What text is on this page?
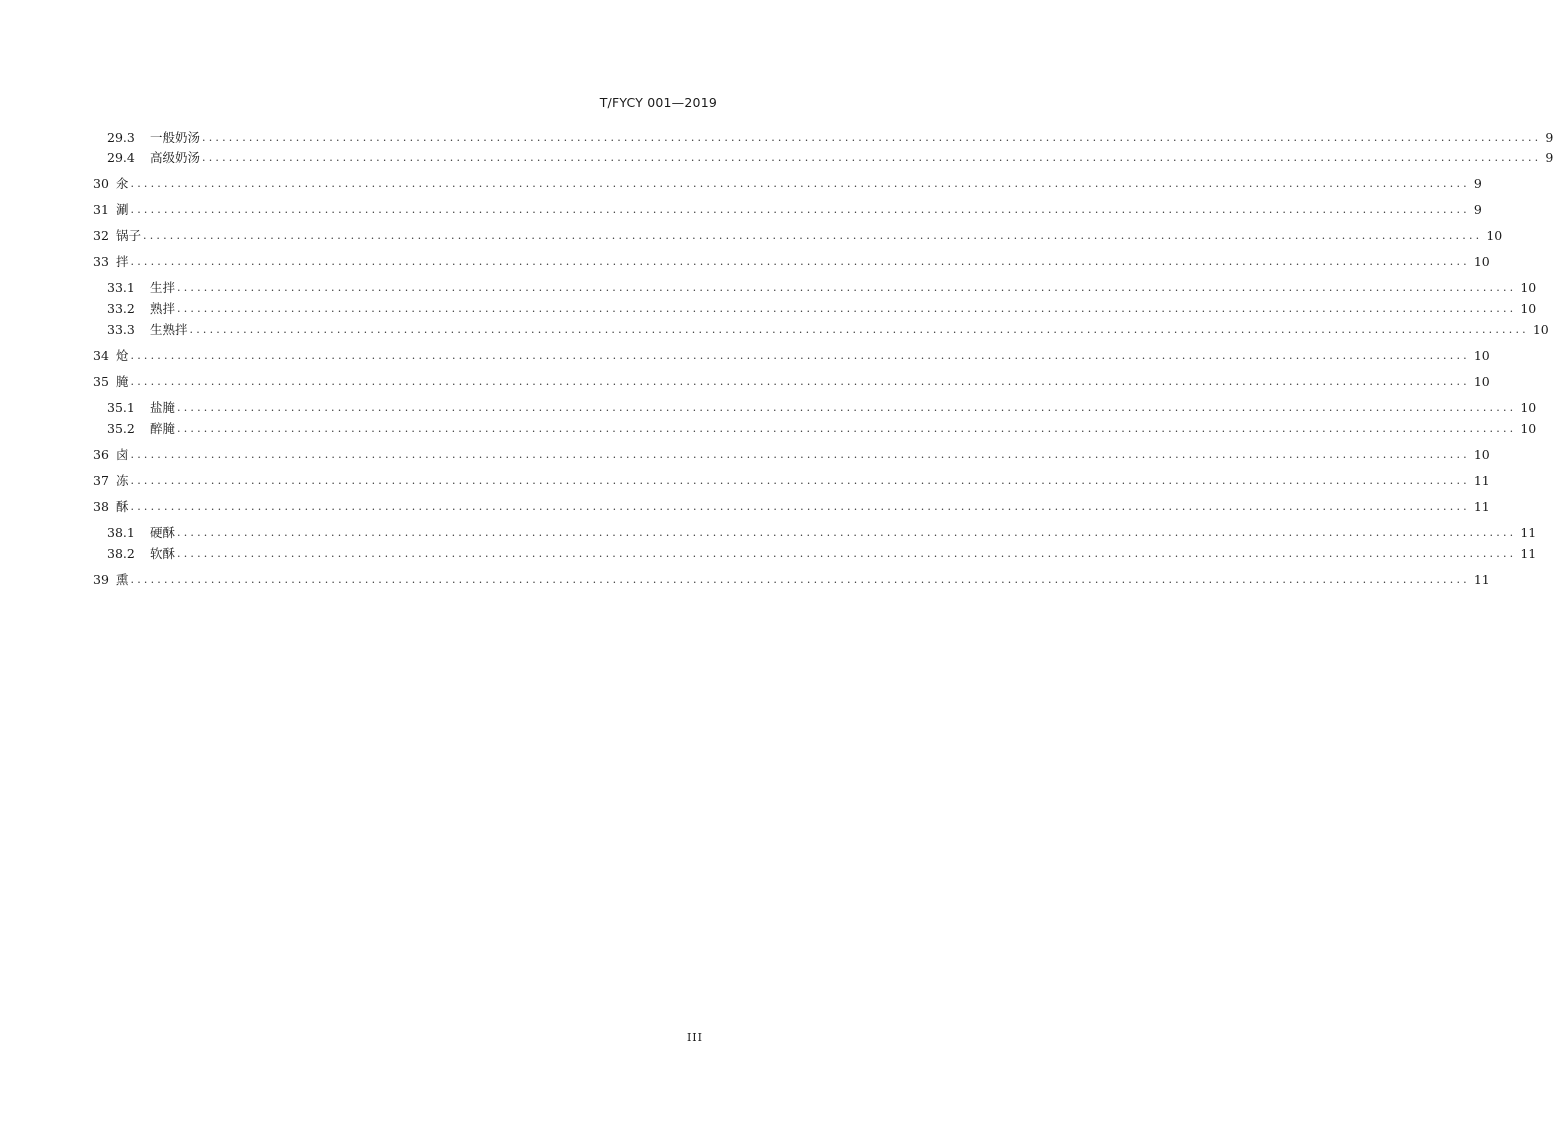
T/FYCY 001—2019
29.3	一般奶汤 ........................................................................................................................................................................................................ 9
29.4	高级奶汤 ........................................................................................................................................................................................................ 9
30 氽 ........................................................................................................................................................................................................ 9
31 涮 ........................................................................................................................................................................................................ 9
32 锅子 ........................................................................................................................................................................................................ 10
33 拌 ........................................................................................................................................................................................................ 10
33.1	生拌 ........................................................................................................................................................................................................ 10
33.2	熟拌 ........................................................................................................................................................................................................ 10
33.3	生熟拌 ........................................................................................................................................................................................................ 10
34 炝 ........................................................................................................................................................................................................ 10
35 腌 ........................................................................................................................................................................................................ 10
35.1	盐腌 ........................................................................................................................................................................................................ 10
35.2	醉腌 ........................................................................................................................................................................................................ 10
36 卤 ........................................................................................................................................................................................................ 10
37 冻 ........................................................................................................................................................................................................ 11
38 酥 ........................................................................................................................................................................................................ 11
38.1	硬酥 ........................................................................................................................................................................................................ 11
38.2	软酥 ........................................................................................................................................................................................................ 11
39 熏 ........................................................................................................................................................................................................ 11
III
